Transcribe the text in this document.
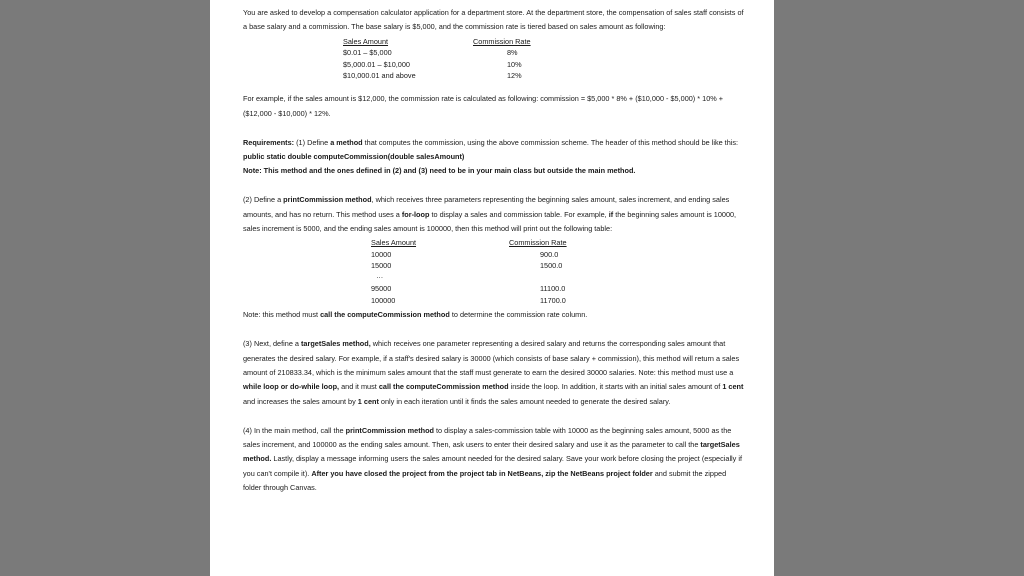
You are asked to develop a compensation calculator application for a department store. At the department store, the compensation of sales staff consists of a base salary and a commission. The base salary is $5,000, and the commission rate is tiered based on sales amount as following:

Sales Amount	Commission Rate
$0.01 – $5,000	8%
$5,000.01 – $10,000	10%
$10,000.01 and above	12%

For example, if the sales amount is $12,000, the commission rate is calculated as following: commission = $5,000 * 8% + ($10,000 - $5,000) * 10% + ($12,000 - $10,000) * 12%.

Requirements: (1) Define a method that computes the commission, using the above commission scheme. The header of this method should be like this: public static double computeCommission(double salesAmount)

Note: This method and the ones defined in (2) and (3) need to be in your main class but outside the main method.

(2) Define a printCommission method, which receives three parameters representing the beginning sales amount, sales increment, and ending sales amounts, and has no return. This method uses a for-loop to display a sales and commission table. For example, if the beginning sales amount is 10000, sales increment is 5000, and the ending sales amount is 100000, then this method will print out the following table:

Sales Amount	Commission Rate
10000	900.0
15000	1500.0
…
95000	11100.0
100000	11700.0

Note: this method must call the computeCommission method to determine the commission rate column.

(3) Next, define a targetSales method, which receives one parameter representing a desired salary and returns the corresponding sales amount that generates the desired salary. For example, if a staff's desired salary is 30000 (which consists of base salary + commission), this method will return a sales amount of 210833.34, which is the minimum sales amount that the staff must generate to earn the desired 30000 salaries. Note: this method must use a while loop or do-while loop, and it must call the computeCommission method inside the loop. In addition, it starts with an initial sales amount of 1 cent and increases the sales amount by 1 cent only in each iteration until it finds the sales amount needed to generate the desired salary.

(4) In the main method, call the printCommission method to display a sales-commission table with 10000 as the beginning sales amount, 5000 as the sales increment, and 100000 as the ending sales amount. Then, ask users to enter their desired salary and use it as the parameter to call the targetSales method. Lastly, display a message informing users the sales amount needed for the desired salary. Save your work before closing the project (especially if you can't compile it). After you have closed the project from the project tab in NetBeans, zip the NetBeans project folder and submit the zipped folder through Canvas.
